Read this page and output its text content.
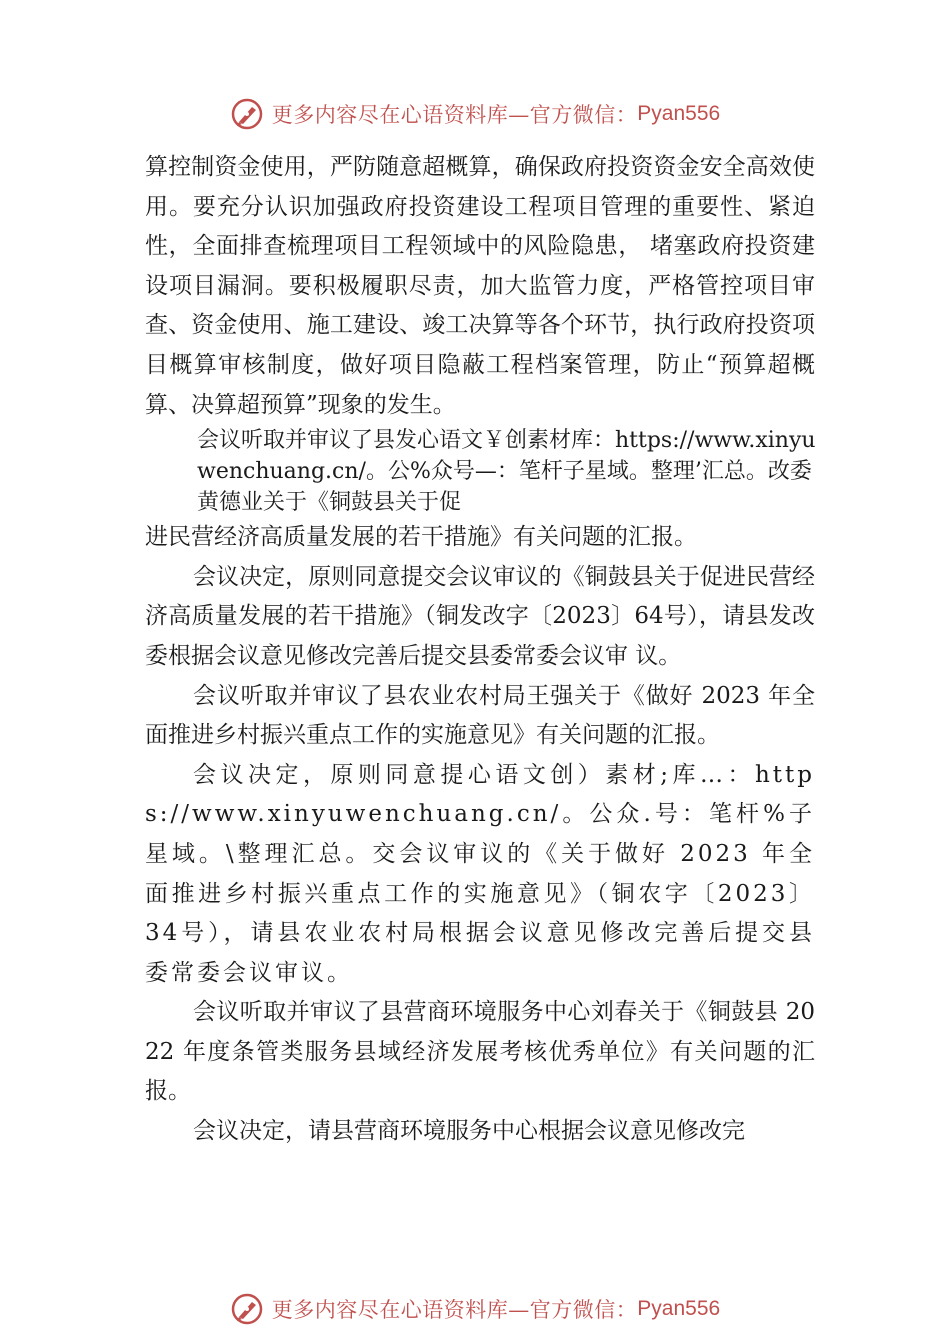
更多内容尽在心语资料库—官方微信： Pyan556

算控制资金使用，严防随意超概算，确保政府投资资金安全高效使用。要充分认识加强政府投资建设工程项目管理的重要性、紧迫性，全面排查梳理项目工程领域中的风险隐患， 堵塞政府投资建设项目漏洞。要积极履职尽责，加大监管力度，严格管控项目审查、资金使用、施工建设、竣工决算等各个环节，执行政府投资项目概算审核制度，做好项目隐蔽工程档案管理，防止“预算超概算、决算超预算”现象的发生。

会议听取并审议了县发心语文￥创素材库：https://www.xinyuwenchuang.cn/。公%众号—：笔杆子星域。整理’汇总。改委黄德业关于《铜鼓县关于促

进民营经济高质量发展的若干措施》有关问题的汇报。

会议决定，原则同意提交会议审议的《铜鼓县关于促进民营经济高质量发展的若干措施》（铜发改字〔2023〕64号），请县发改委根据会议意见修改完善后提交县委常委会议审 议。

会议听取并审议了县农业农村局王强关于《做好 2023 年全面推进乡村振兴重点工作的实施意见》有关问题的汇报。

会议决定，原则同意提心语文创）素材;库…：https://www.xinyuwenchuang.cn/。公众.号：笔杆%子星域。\整理汇总。交会议审议的《关于做好 2023 年全面推进乡村振兴重点工作的实施意见》（铜农字〔2023〕34号），请县农业农村局根据会议意见修改完善后提交县委常委会议审议。

会议听取并审议了县营商环境服务中心刘春关于《铜鼓县 2022 年度条管类服务县域经济发展考核优秀单位》有关问题的汇报。

会议决定，请县营商环境服务中心根据会议意见修改完

更多内容尽在心语资料库—官方微信： Pyan556
